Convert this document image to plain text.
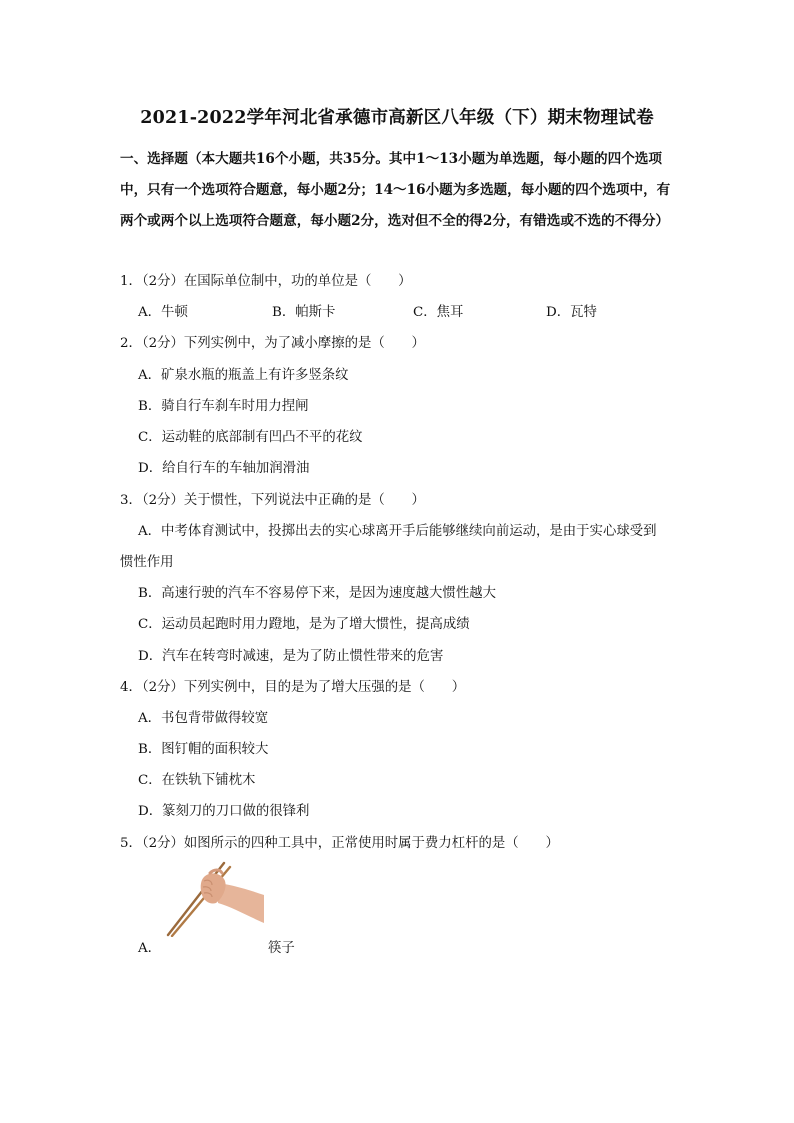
2021-2022学年河北省承德市高新区八年级（下）期末物理试卷
一、选择题（本大题共16个小题，共35分。其中1～13小题为单选题，每小题的四个选项中，只有一个选项符合题意，每小题2分；14～16小题为多选题，每小题的四个选项中，有两个或两个以上选项符合题意，每小题2分，选对但不全的得2分，有错选或不选的不得分）
1．（2分）在国际单位制中，功的单位是（　　）
A．牛顿	B．帕斯卡	C．焦耳	D．瓦特
2．（2分）下列实例中，为了减小摩擦的是（　　）
A．矿泉水瓶的瓶盖上有许多竖条纹
B．骑自行车刹车时用力捏闸
C．运动鞋的底部制有凹凸不平的花纹
D．给自行车的车轴加润滑油
3．（2分）关于惯性，下列说法中正确的是（　　）
A．中考体育测试中，投掷出去的实心球离开手后能够继续向前运动，是由于实心球受到
惯性作用
B．高速行驶的汽车不容易停下来，是因为速度越大惯性越大
C．运动员起跑时用力蹬地，是为了增大惯性，提高成绩
D．汽车在转弯时减速，是为了防止惯性带来的危害
4．（2分）下列实例中，目的是为了增大压强的是（　　）
A．书包背带做得较宽
B．图钉帽的面积较大
C．在铁轨下铺枕木
D．篆刻刀的刀口做的很锋利
5．（2分）如图所示的四种工具中，正常使用时属于费力杠杆的是（　　）
A．	筷子
